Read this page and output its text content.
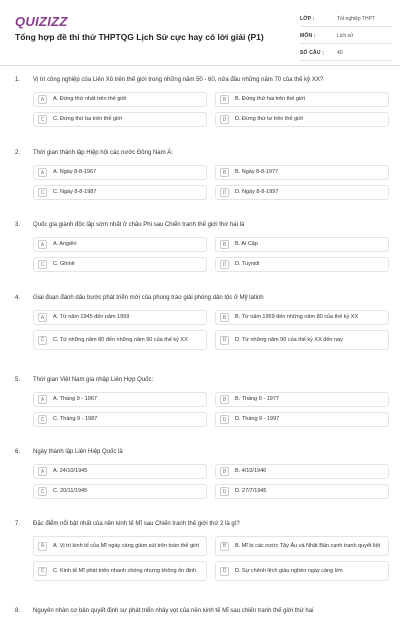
QUIZIZZ
Tổng hợp đề thi thử THPTQG Lịch Sử cực hay có lời giải (P1)
LỚP :	Tốt nghiệp THPT
MÔN :	Lịch sử
SỐ CÂU :	40
1.	Vị trí công nghiệp của Liên Xô trên thế giới trong những năm 50 - 60, nửa đầu những năm 70 của thế kỷ XX?
A	A. Đứng thứ nhất trên thế giới	B	B. Đứng thứ hai trên thế giới
C	C. Đứng thứ ba trên thế giới	D	D. Đứng thứ tư trên thế giới
2.	Thời gian thành lập Hiệp hội các nước Đông Nam Á:
A	A. Ngày 8-8-1967	B	B. Ngày 8-8-1977
C	C. Ngày 8-8-1987	D	D. Ngày 8-8-1997
3.	Quốc gia giành độc lập sớm nhất ở châu Phi sau Chiến tranh thế giới thứ hai là
A	A. Angiêri	B	B. Ai Cập
C	C. Ghinê	D	D. Tuynidi
4.	Giai đoạn đánh dấu bước phát triển mới của phong trào giải phóng dân tộc ở Mỹ latinh
A	A. Từ năm 1945 đến năm 1959	B	B. Từ năm 1959 đến những năm 80 của thế kỷ XX
C	C. Từ những năm 80 đến những năm 90 của thế kỷ XX	D	D. Từ những năm 90 của thế kỷ XX đến nay
5.	Thời gian Việt Nam gia nhập Liên Hợp Quốc:
A	A. Tháng 9 - 1967	B	B. Tháng 9 - 1977
C	C. Tháng 9 - 1987	D	D. Tháng 9 - 1997
6.	Ngày thành lập Liên Hiệp Quốc là
A	A. 24/10/1945	B	B. 4/10/1946
C	C. 20/11/1945	D	D. 27/7/1945
7.	Đặc điểm nổi bật nhất của nền kinh tế Mĩ sau Chiến tranh thế giới thứ 2 là gì?
A	A. Vị trí kinh tế của Mĩ ngày càng giảm sút trên toàn thế giới	B	B. Mĩ bị các nước Tây Âu và Nhật Bản cạnh tranh quyết liệt
C	C. Kinh tế Mĩ phát triển nhanh chóng nhưng không ổn định.	D	D. Sự chênh lệch giàu nghèo ngày càng lớn
8.	Nguyên nhân cơ bản quyết định sự phát triển nhảy vọt của nền kinh tế Mĩ sau chiến tranh thế giới thứ hai
